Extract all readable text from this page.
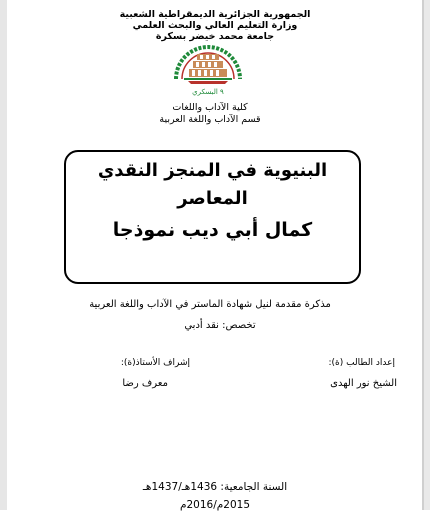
الجمهورية الجزائرية الديمقراطية الشعبية
وزارة التعليم العالي والبحث العلمي
جامعة محمد خيضر بسكرة
٩ البسكري
كلية الآداب واللغات
قسم الآداب واللغة العربية
البنيوية في المنجز النقدي
المعاصر
كمال أبي ديب نموذجا
مذكرة مقدمة لنيل شهادة الماستر في الآداب واللغة العربية
تخصص: نقد أدبي
إعداد الطالب (ة):
الشيخ نور الهدى
إشراف الأستاذ(ة):
معرف رضا
السنة الجامعية: 1436هـ/1437هـ
2015م/2016م
